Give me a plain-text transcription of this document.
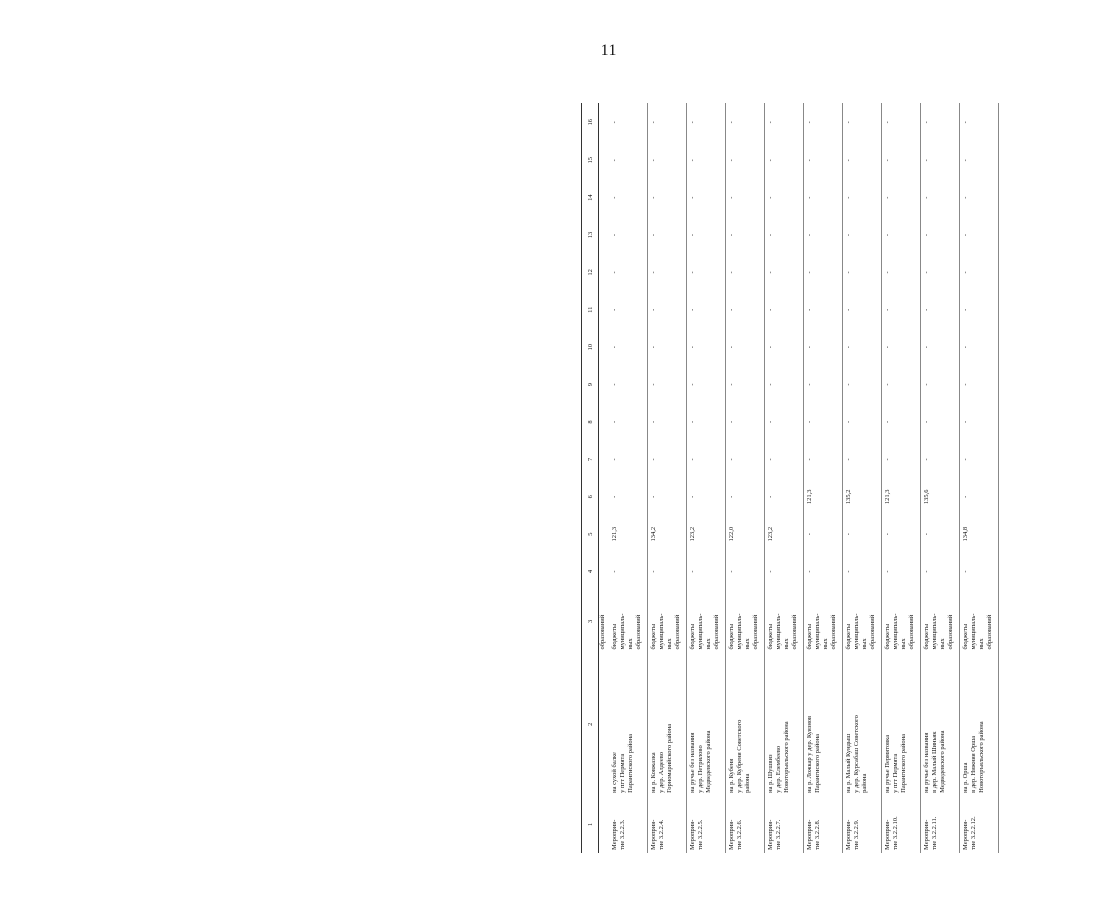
11
1	2	3	4	5	6	7	8	9	10	11	12	13	14	15	16
		образований													
Мероприя-
тие 3.2.2.3.	на сухой балке
у пгт Пермята
Парангиского района	бюджеты
муниципаль-
ных
образований	-	121,3	-	-	-	-	-	-	-	-	-	-	-
Мероприя-
тие 3.2.2.4.	на р. Ковжазка
у дер. Алдеево
Горномарийского района	бюджеты
муниципаль-
ных
образований	-	134,2	-	-	-	-	-	-	-	-	-	-	-
Мероприя-
тие 3.2.2.5.	на ручье без названия
у дер. Петрилово
Медведевского района	бюджеты
муниципаль-
ных
образований	-	123,2	-	-	-	-	-	-	-	-	-	-	-
Мероприя-
тие 3.2.2.6.	на р. Кубеня
у дер. Кубреня Советского
района	бюджеты
муниципаль-
ных
образований	-	122,0	-	-	-	-	-	-	-	-	-	-	-
Мероприя-
тие 3.2.2.7.	на р. Шушвиз
у дер. Елембеево
Новоторъяльского района	бюджеты
муниципаль-
ных
образований	-	123,2	-	-	-	-	-	-	-	-	-	-	-
Мероприя-
тие 3.2.2.8.	на р. Ложкар у дер. Куязнов
Парангиского района	бюджеты
муниципаль-
ных
образований	-	-	121,3	-	-	-	-	-	-	-	-	-	-
Мероприя-
тие 3.2.2.9.	на р. Малый Кундыш
у дер. Курсабаш Советского
района	бюджеты
муниципаль-
ных
образований	-	-	135,2	-	-	-	-	-	-	-	-	-	-
Мероприя-
тие 3.2.2.10.	на ручье Пермятовка
у пгт Пермята
Парангиского района	бюджеты
муниципаль-
ных
образований	-	-	121,3	-	-	-	-	-	-	-	-	-	-
Мероприя-
тие 3.2.2.11.	на ручье без названия
в дер. Малый Шиньяк
Медведевского района	бюджеты
муниципаль-
ных
образований	-	-	135,6	-	-	-	-	-	-	-	-	-	-
Мероприя-
тие 3.2.2.12.	на р. Орша
в дер. Нижняя Орша
Новоторъяльского района	бюджеты
муниципаль-
ных
образований	-	134,8	-	-	-	-	-	-	-	-	-	-	-
